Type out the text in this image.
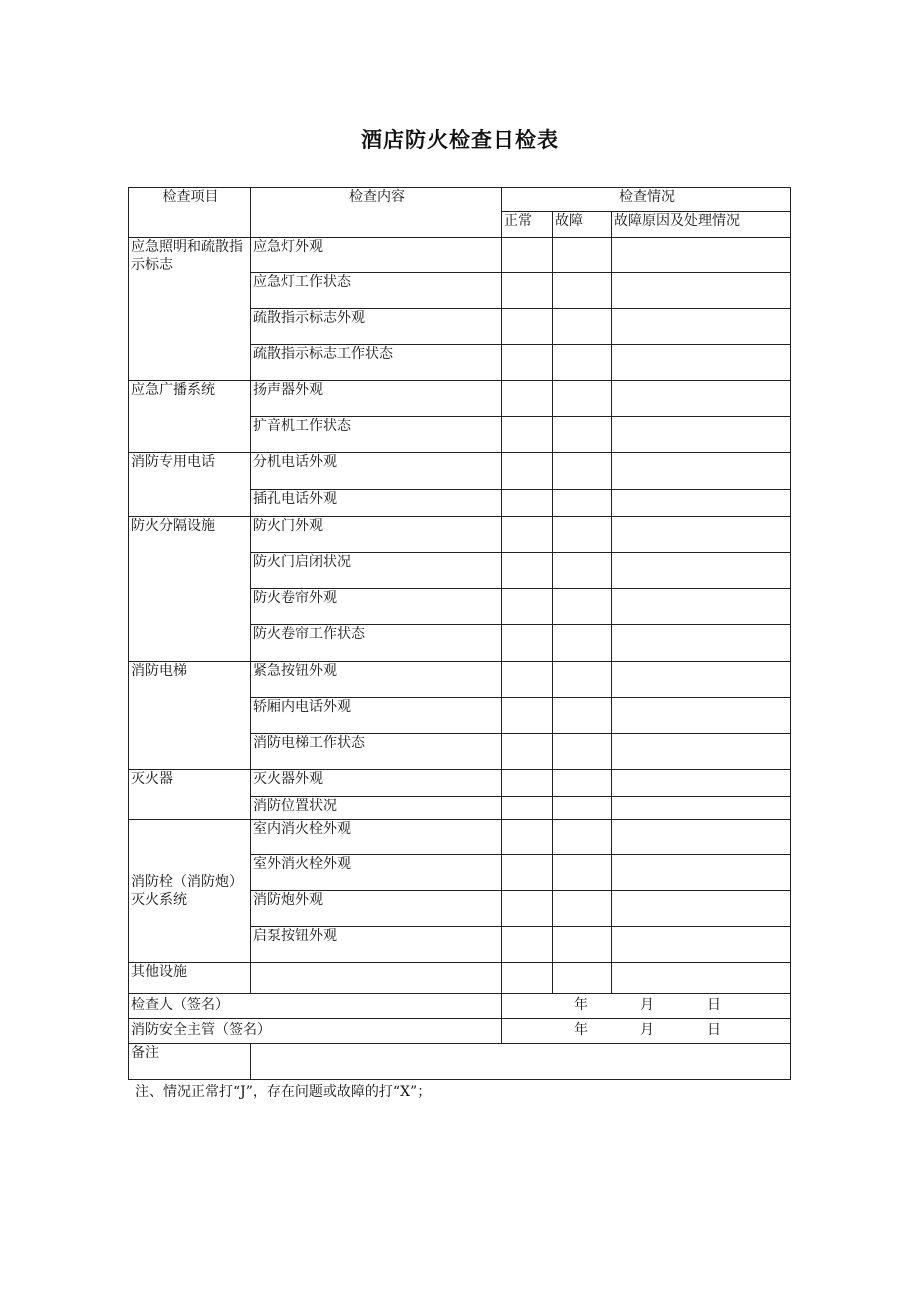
酒店防火检查日检表
检查项目	检查内容	检查情况		
		正常	故障	故障原因及处理情况
应急照明和疏散指示标志	应急灯外观			
	应急灯工作状态			
	疏散指示标志外观			
	疏散指示标志工作状态			
应急广播系统	扬声器外观			
	扩音机工作状态			
消防专用电话	分机电话外观			
	插孔电话外观			
防火分隔设施	防火门外观			
	防火门启闭状况			
	防火卷帘外观			
	防火卷帘工作状态			
消防电梯	紧急按钮外观			
	轿厢内电话外观			
	消防电梯工作状态			
灭火器	灭火器外观			
	消防位置状况			
消防栓（消防炮）灭火系统	室内消火栓外观			
	室外消火栓外观			
	消防炮外观			
	启泵按钮外观			
其他设施				
检查人（签名）		年 月 日		

消防安全主管（签名）		年 月 日		

备注				
注、情况正常打“J”，存在问题或故障的打“X”；
